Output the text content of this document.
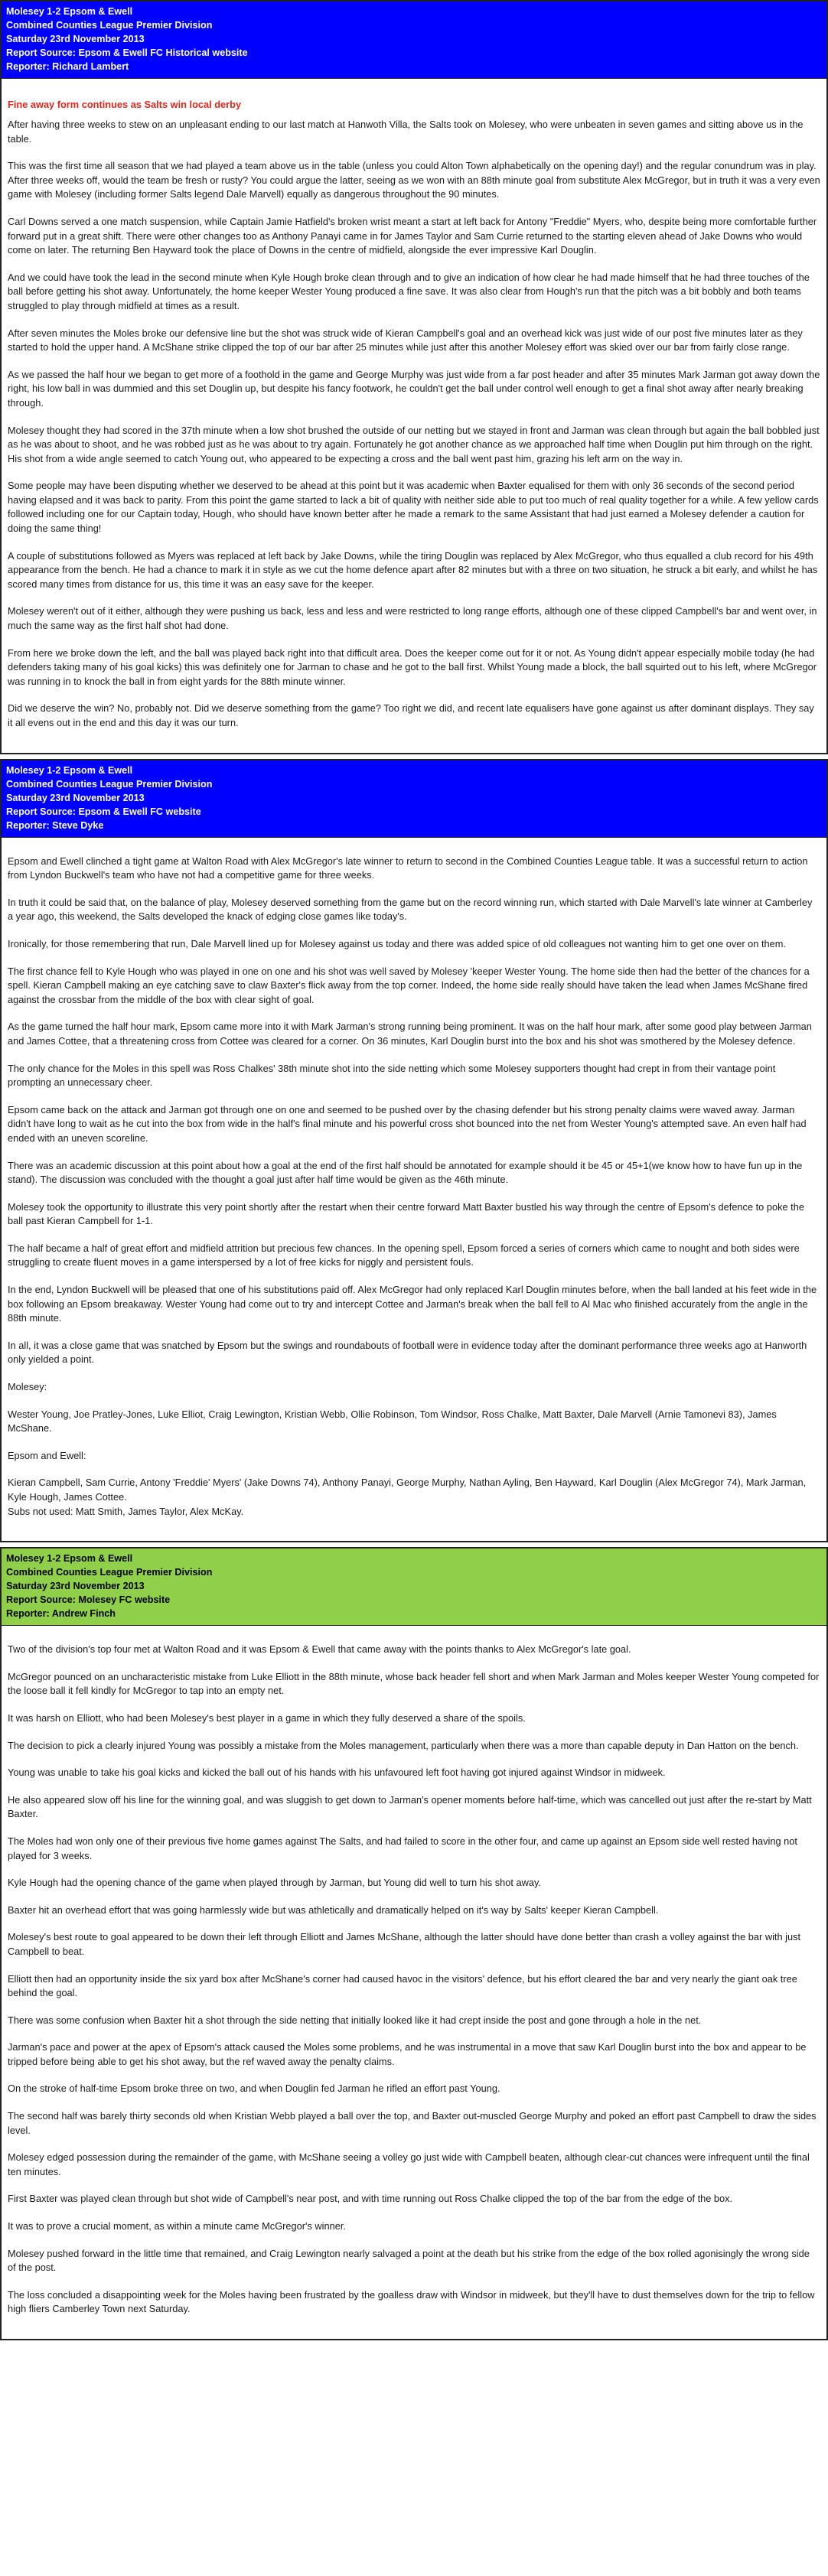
Molesey 1-2 Epsom & Ewell
Combined Counties League Premier Division
Saturday 23rd November 2013
Report Source: Epsom & Ewell FC Historical website
Reporter: Richard Lambert
Fine away form continues as Salts win local derby

After having three weeks to stew on an unpleasant ending to our last match at Hanwoth Villa, the Salts took on Molesey, who were unbeaten in seven games and sitting above us in the table.

This was the first time all season that we had played a team above us in the table (unless you could Alton Town alphabetically on the opening day!) and the regular conundrum was in play. After three weeks off, would the team be fresh or rusty? You could argue the latter, seeing as we won with an 88th minute goal from substitute Alex McGregor, but in truth it was a very even game with Molesey (including former Salts legend Dale Marvell) equally as dangerous throughout the 90 minutes.

Carl Downs served a one match suspension, while Captain Jamie Hatfield's broken wrist meant a start at left back for Antony "Freddie" Myers, who, despite being more comfortable further forward put in a great shift. There were other changes too as Anthony Panayi came in for James Taylor and Sam Currie returned to the starting eleven ahead of Jake Downs who would come on later. The returning Ben Hayward took the place of Downs in the centre of midfield, alongside the ever impressive Karl Douglin.

And we could have took the lead in the second minute when Kyle Hough broke clean through and to give an indication of how clear he had made himself that he had three touches of the ball before getting his shot away. Unfortunately, the home keeper Wester Young produced a fine save. It was also clear from Hough's run that the pitch was a bit bobbly and both teams struggled to play through midfield at times as a result.

After seven minutes the Moles broke our defensive line but the shot was struck wide of Kieran Campbell's goal and an overhead kick was just wide of our post five minutes later as they started to hold the upper hand. A McShane strike clipped the top of our bar after 25 minutes while just after this another Molesey effort was skied over our bar from fairly close range.

As we passed the half hour we began to get more of a foothold in the game and George Murphy was just wide from a far post header and after 35 minutes Mark Jarman got away down the right, his low ball in was dummied and this set Douglin up, but despite his fancy footwork, he couldn't get the ball under control well enough to get a final shot away after nearly breaking through.

Molesey thought they had scored in the 37th minute when a low shot brushed the outside of our netting but we stayed in front and Jarman was clean through but again the ball bobbled just as he was about to shoot, and he was robbed just as he was about to try again. Fortunately he got another chance as we approached half time when Douglin put him through on the right. His shot from a wide angle seemed to catch Young out, who appeared to be expecting a cross and the ball went past him, grazing his left arm on the way in.

Some people may have been disputing whether we deserved to be ahead at this point but it was academic when Baxter equalised for them with only 36 seconds of the second period having elapsed and it was back to parity. From this point the game started to lack a bit of quality with neither side able to put too much of real quality together for a while. A few yellow cards followed including one for our Captain today, Hough, who should have known better after he made a remark to the same Assistant that had just earned a Molesey defender a caution for doing the same thing!

A couple of substitutions followed as Myers was replaced at left back by Jake Downs, while the tiring Douglin was replaced by Alex McGregor, who thus equalled a club record for his 49th appearance from the bench. He had a chance to mark it in style as we cut the home defence apart after 82 minutes but with a three on two situation, he struck a bit early, and whilst he has scored many times from distance for us, this time it was an easy save for the keeper.

Molesey weren't out of it either, although they were pushing us back, less and less and were restricted to long range efforts, although one of these clipped Campbell's bar and went over, in much the same way as the first half shot had done.

From here we broke down the left, and the ball was played back right into that difficult area. Does the keeper come out for it or not. As Young didn't appear especially mobile today (he had defenders taking many of his goal kicks) this was definitely one for Jarman to chase and he got to the ball first. Whilst Young made a block, the ball squirted out to his left, where McGregor was running in to knock the ball in from eight yards for the 88th minute winner.

Did we deserve the win? No, probably not. Did we deserve something from the game? Too right we did, and recent late equalisers have gone against us after dominant displays. They say it all evens out in the end and this day it was our turn.

Molesey 1-2 Epsom & Ewell
Combined Counties League Premier Division
Saturday 23rd November 2013
Report Source: Epsom & Ewell FC website
Reporter: Steve Dyke

Epsom and Ewell clinched a tight game at Walton Road with Alex McGregor's late winner to return to second in the Combined Counties League table. It was a successful return to action from Lyndon Buckwell's team who have not had a competitive game for three weeks.

In truth it could be said that, on the balance of play, Molesey deserved something from the game but on the record winning run, which started with Dale Marvell's late winner at Camberley a year ago, this weekend, the Salts developed the knack of edging close games like today's.

Ironically, for those remembering that run, Dale Marvell lined up for Molesey against us today and there was added spice of old colleagues not wanting him to get one over on them.

The first chance fell to Kyle Hough who was played in one on one and his shot was well saved by Molesey 'keeper Wester Young. The home side then had the better of the chances for a spell. Kieran Campbell making an eye catching save to claw Baxter's flick away from the top corner. Indeed, the home side really should have taken the lead when James McShane fired against the crossbar from the middle of the box with clear sight of goal.

As the game turned the half hour mark, Epsom came more into it with Mark Jarman's strong running being prominent. It was on the half hour mark, after some good play between Jarman and James Cottee, that a threatening cross from Cottee was cleared for a corner. On 36 minutes, Karl Douglin burst into the box and his shot was smothered by the Molesey defence.

The only chance for the Moles in this spell was Ross Chalkes' 38th minute shot into the side netting which some Molesey supporters thought had crept in from their vantage point prompting an unnecessary cheer.

Epsom came back on the attack and Jarman got through one on one and seemed to be pushed over by the chasing defender but his strong penalty claims were waved away. Jarman didn't have long to wait as he cut into the box from wide in the half's final minute and his powerful cross shot bounced into the net from Wester Young's attempted save. An even half had ended with an uneven scoreline.

There was an academic discussion at this point about how a goal at the end of the first half should be annotated for example should it be 45 or 45+1(we know how to have fun up in the stand). The discussion was concluded with the thought a goal just after half time would be given as the 46th minute.

Molesey took the opportunity to illustrate this very point shortly after the restart when their centre forward Matt Baxter bustled his way through the centre of Epsom's defence to poke the ball past Kieran Campbell for 1-1.

The half became a half of great effort and midfield attrition but precious few chances. In the opening spell, Epsom forced a series of corners which came to nought and both sides were struggling to create fluent moves in a game interspersed by a lot of free kicks for niggly and persistent fouls.

In the end, Lyndon Buckwell will be pleased that one of his substitutions paid off. Alex McGregor had only replaced Karl Douglin minutes before, when the ball landed at his feet wide in the box following an Epsom breakaway. Wester Young had come out to try and intercept Cottee and Jarman's break when the ball fell to Al Mac who finished accurately from the angle in the 88th minute.

In all, it was a close game that was snatched by Epsom but the swings and roundabouts of football were in evidence today after the dominant performance three weeks ago at Hanworth only yielded a point.

Molesey:

Wester Young, Joe Pratley-Jones, Luke Elliot, Craig Lewington, Kristian Webb, Ollie Robinson, Tom Windsor, Ross Chalke, Matt Baxter, Dale Marvell (Arnie Tamonevi 83), James McShane.

Epsom and Ewell:

Kieran Campbell, Sam Currie, Antony 'Freddie' Myers' (Jake Downs 74), Anthony Panayi, George Murphy, Nathan Ayling, Ben Hayward, Karl Douglin (Alex McGregor 74), Mark Jarman, Kyle Hough, James Cottee.

Subs not used: Matt Smith, James Taylor, Alex McKay.

Molesey 1-2 Epsom & Ewell
Combined Counties League Premier Division
Saturday 23rd November 2013
Report Source: Molesey FC website
Reporter: Andrew Finch

Two of the division's top four met at Walton Road and it was Epsom & Ewell that came away with the points thanks to Alex McGregor's late goal.

McGregor pounced on an uncharacteristic mistake from Luke Elliott in the 88th minute, whose back header fell short and when Mark Jarman and Moles keeper Wester Young competed for the loose ball it fell kindly for McGregor to tap into an empty net.

It was harsh on Elliott, who had been Molesey's best player in a game in which they fully deserved a share of the spoils.

The decision to pick a clearly injured Young was possibly a mistake from the Moles management, particularly when there was a more than capable deputy in Dan Hatton on the bench.

Young was unable to take his goal kicks and kicked the ball out of his hands with his unfavoured left foot having got injured against Windsor in midweek.

He also appeared slow off his line for the winning goal, and was sluggish to get down to Jarman's opener moments before half-time, which was cancelled out just after the re-start by Matt Baxter.

The Moles had won only one of their previous five home games against The Salts, and had failed to score in the other four, and came up against an Epsom side well rested having not played for 3 weeks.

Kyle Hough had the opening chance of the game when played through by Jarman, but Young did well to turn his shot away.

Baxter hit an overhead effort that was going harmlessly wide but was athletically and dramatically helped on it's way by Salts' keeper Kieran Campbell.

Molesey's best route to goal appeared to be down their left through Elliott and James McShane, although the latter should have done better than crash a volley against the bar with just Campbell to beat.

Elliott then had an opportunity inside the six yard box after McShane's corner had caused havoc in the visitors' defence, but his effort cleared the bar and very nearly the giant oak tree behind the goal.

There was some confusion when Baxter hit a shot through the side netting that initially looked like it had crept inside the post and gone through a hole in the net.

Jarman's pace and power at the apex of Epsom's attack caused the Moles some problems, and he was instrumental in a move that saw Karl Douglin burst into the box and appear to be tripped before being able to get his shot away, but the ref waved away the penalty claims.

On the stroke of half-time Epsom broke three on two, and when Douglin fed Jarman he rifled an effort past Young.

The second half was barely thirty seconds old when Kristian Webb played a ball over the top, and Baxter out-muscled George Murphy and poked an effort past Campbell to draw the sides level.

Molesey edged possession during the remainder of the game, with McShane seeing a volley go just wide with Campbell beaten, although clear-cut chances were infrequent until the final ten minutes.

First Baxter was played clean through but shot wide of Campbell's near post, and with time running out Ross Chalke clipped the top of the bar from the edge of the box.

It was to prove a crucial moment, as within a minute came McGregor's winner.

Molesey pushed forward in the little time that remained, and Craig Lewington nearly salvaged a point at the death but his strike from the edge of the box rolled agonisingly the wrong side of the post.

The loss concluded a disappointing week for the Moles having been frustrated by the goalless draw with Windsor in midweek, but they'll have to dust themselves down for the trip to fellow high fliers Camberley Town next Saturday.
